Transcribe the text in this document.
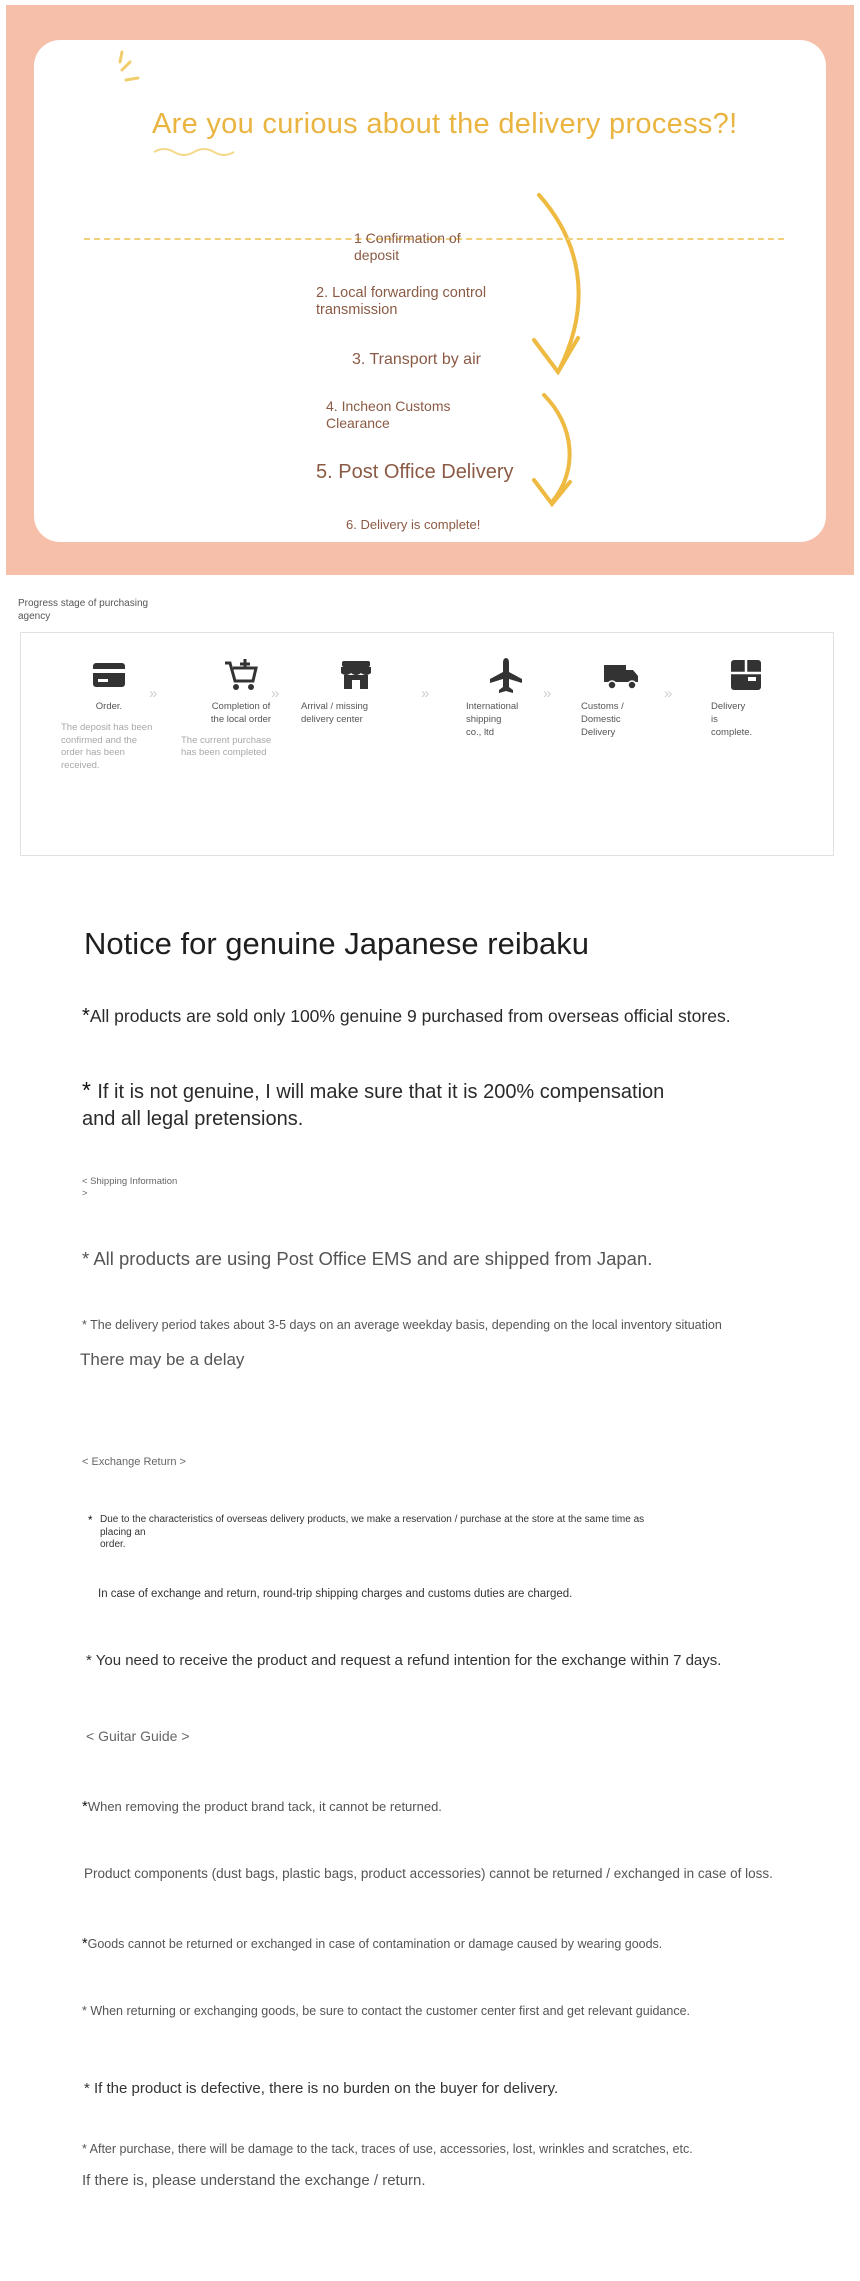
Are you curious about the delivery process?!
1 Confirmation of
deposit
2. Local forwarding control
transmission
3. Transport by air
4. Incheon Customs
Clearance
5. Post Office Delivery
6. Delivery is complete!
Progress stage of purchasing
agency
Order.
The deposit has been
confirmed and the
order has been
received.
»
Completion of
the local order
The current purchase
has been completed
»
Arrival / missing
delivery center
»
International
shipping
co., ltd
»
Customs /
Domestic
Delivery
»
Delivery
is
complete.
Notice for genuine Japanese reibaku
*All products are sold only 100% genuine 9 purchased from overseas official stores.
* If it is not genuine, I will make sure that it is 200% compensation
and all legal pretensions.
< Shipping Information
>
* All products are using Post Office EMS and are shipped from Japan.
* The delivery period takes about 3-5 days on an average weekday basis, depending on the local inventory situation
There may be a delay
< Exchange Return >
* Due to the characteristics of overseas delivery products, we make a reservation / purchase at the store at the same time as placing an
order.
In case of exchange and return, round-trip shipping charges and customs duties are charged.
* You need to receive the product and request a refund intention for the exchange within 7 days.
< Guitar Guide >
*When removing the product brand tack, it cannot be returned.
Product components (dust bags, plastic bags, product accessories) cannot be returned / exchanged in case of loss.
*Goods cannot be returned or exchanged in case of contamination or damage caused by wearing goods.
* When returning or exchanging goods, be sure to contact the customer center first and get relevant guidance.
* If the product is defective, there is no burden on the buyer for delivery.
* After purchase, there will be damage to the tack, traces of use, accessories, lost, wrinkles and scratches, etc.
If there is, please understand the exchange / return.
